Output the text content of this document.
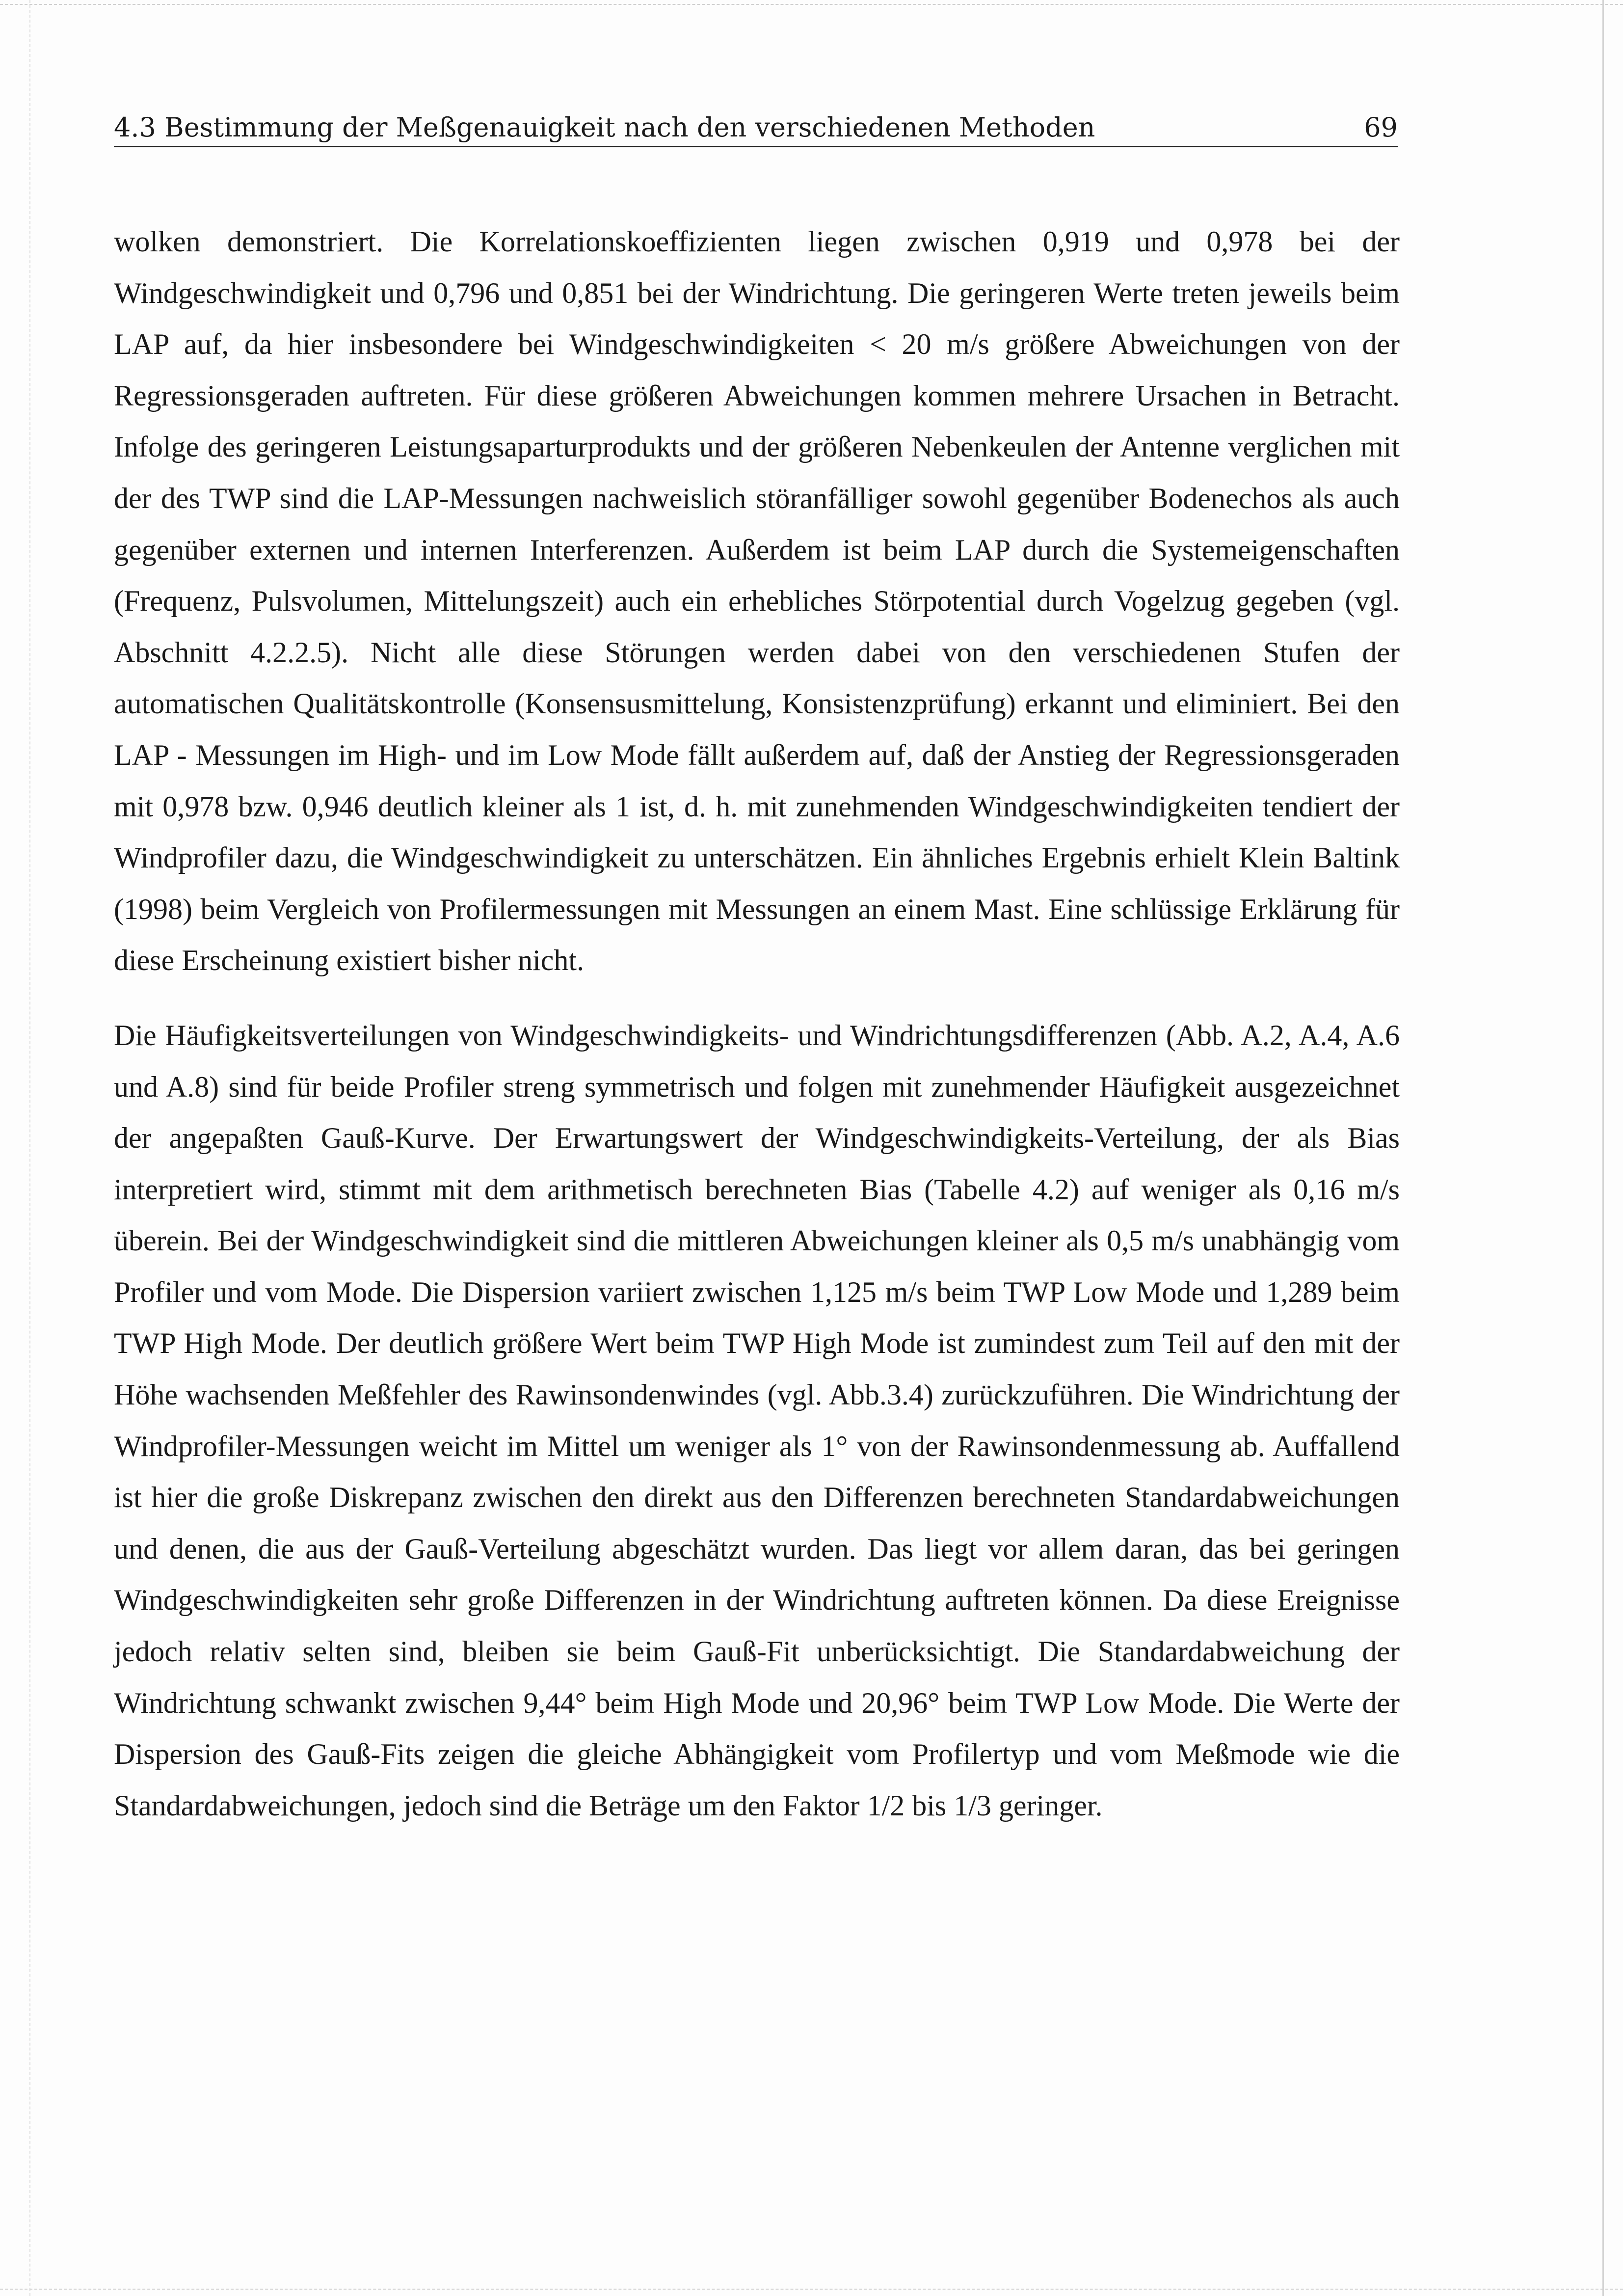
4.3 Bestimmung der Meßgenauigkeit nach den verschiedenen Methoden	69

wolken demonstriert. Die Korrelationskoeffizienten liegen zwischen 0,919 und 0,978 bei der Windgeschwindigkeit und 0,796 und 0,851 bei der Windrichtung. Die geringeren Werte treten jeweils beim LAP auf, da hier insbesondere bei Windgeschwindigkeiten < 20 m/s größere Abweichungen von der Regressionsgeraden auftreten. Für diese größeren Abweichungen kommen mehrere Ursachen in Betracht. Infolge des geringeren Leistungsaparturprodukts und der größeren Nebenkeulen der Antenne verglichen mit der des TWP sind die LAP-Messungen nachweislich störanfälliger sowohl gegenüber Bodenechos als auch gegenüber externen und internen Interferenzen. Außerdem ist beim LAP durch die Systemeigenschaften (Frequenz, Pulsvolumen, Mittelungszeit) auch ein erhebliches Störpotential durch Vogelzug gegeben (vgl. Abschnitt 4.2.2.5). Nicht alle diese Störungen werden dabei von den verschiedenen Stufen der automatischen Qualitätskontrolle (Konsensusmittelung, Konsistenzprüfung) erkannt und eliminiert. Bei den LAP - Messungen im High- und im Low Mode fällt außerdem auf, daß der Anstieg der Regressionsgeraden mit 0,978 bzw. 0,946 deutlich kleiner als 1 ist, d. h. mit zunehmenden Windgeschwindigkeiten tendiert der Windprofiler dazu, die Windgeschwindigkeit zu unterschätzen. Ein ähnliches Ergebnis erhielt Klein Baltink (1998) beim Vergleich von Profilermessungen mit Messungen an einem Mast. Eine schlüssige Erklärung für diese Erscheinung existiert bisher nicht.

Die Häufigkeitsverteilungen von Windgeschwindigkeits- und Windrichtungsdifferenzen (Abb. A.2, A.4, A.6 und A.8) sind für beide Profiler streng symmetrisch und folgen mit zunehmender Häufigkeit ausgezeichnet der angepaßten Gauß-Kurve. Der Erwartungswert der Windgeschwindigkeits-Verteilung, der als Bias interpretiert wird, stimmt mit dem arithmetisch berechneten Bias (Tabelle 4.2) auf weniger als 0,16 m/s überein. Bei der Windgeschwindigkeit sind die mittleren Abweichungen kleiner als 0,5 m/s unabhängig vom Profiler und vom Mode. Die Dispersion variiert zwischen 1,125 m/s beim TWP Low Mode und 1,289 beim TWP High Mode. Der deutlich größere Wert beim TWP High Mode ist zumindest zum Teil auf den mit der Höhe wachsenden Meßfehler des Rawinsondenwindes (vgl. Abb.3.4) zurückzuführen. Die Windrichtung der Windprofiler-Messungen weicht im Mittel um weniger als 1° von der Rawinsondenmessung ab. Auffallend ist hier die große Diskrepanz zwischen den direkt aus den Differenzen berechneten Standardabweichungen und denen, die aus der Gauß-Verteilung abgeschätzt wurden. Das liegt vor allem daran, das bei geringen Windgeschwindigkeiten sehr große Differenzen in der Windrichtung auftreten können. Da diese Ereignisse jedoch relativ selten sind, bleiben sie beim Gauß-Fit unberücksichtigt. Die Standardabweichung der Windrichtung schwankt zwischen 9,44° beim High Mode und 20,96° beim TWP Low Mode. Die Werte der Dispersion des Gauß-Fits zeigen die gleiche Abhängigkeit vom Profilertyp und vom Meßmode wie die Standardabweichungen, jedoch sind die Beträge um den Faktor 1/2 bis 1/3 geringer.
